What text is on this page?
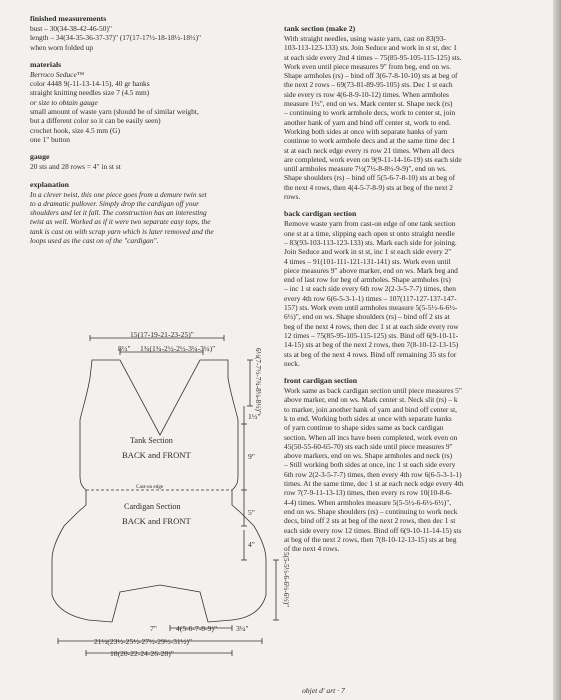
finished measurements

bust – 30(34-38-42-46-50)"

length – 34(34-35-36-37-37)" (17(17-17½-18-18½-18½)"

when worn folded up

materials

Berroco Seduce™

color 4448 9(-11-13-14-15), 40 gr hanks

straight knitting needles size 7 (4.5 mm)

or size to obtain gauge

small amount of waste yarn (should be of similar weight,

but a different color so it can be easily seen)

crochet hook, size 4.5 mm (G)

one 1" button

gauge

20 sts and 28 rows = 4" in st st

explanation

In a clever twist, this one piece goes from a demure twin set

to a dramatic pullover. Simply drop the cardigan off your

shoulders and let it fall. The construction has an interesting

twist as well. Worked as if it were two separate easy tops, the

tank is cast on with scrap yarn which is later removed and the

loops used as the cast on of the "cardigan".

15(17-19-21-23-25)"
8½" 1¾(1¾-2½-2½-3¼-3¼)"	6½(7-7½-7¾-8¼-8½)"
1½"
9"
Tank Section
BACK and FRONT
Cast-on edge
Cardigan Section
BACK and FRONT
5"
4"
5(5-5½-6-6½-6½)"
7"	4(5-6-7-8-9)" 3¼"
21½(23½-25½-27½-29½-31½)"
18(20-22-24-26-28)"
tank section (make 2)

With straight needles, using waste yarn, cast on 83(93-

103-113-123-133) sts. Join Seduce and work in st st, dec 1

st each side every 2nd 4 times – 75(85-95-105-115-125) sts.

Work even until piece measures 9" from beg, end on ws.

Shape armholes (rs) – bind off 3(6-7-8-10-10) sts at beg of

the next 2 rows – 69(73-81-89-95-105) sts. Dec 1 st each

side every rs row 4(6-8-9-10-12) times. When armholes

measure 1½", end on ws. Mark center st. Shape neck (rs)

– continuing to work armhole decs, work to center st, join

another hank of yarn and bind off center st, work to end.

Working both sides at once with separate hanks of yarn

continue to work armhole decs and at the same time dec 1

st at each neck edge every rs row 21 times. When all decs

are completed, work even on 9(9-11-14-16-19) sts each side

until armholes measure 7½(7½-8-8½-9-9)", end on ws.

Shape shoulders (rs) – bind off 5(5-6-7-8-10) sts at beg of

the next 4 rows, then 4(4-5-7-8-9) sts at beg of the next 2

rows.

back cardigan section

Remove waste yarn from cast-on edge of one tank section

one st at a time, slipping each open st onto straight needle

– 83(93-103-113-123-133) sts. Mark each side for joining.

Join Seduce and work in st st, inc 1 st each side every 2"

4 times – 91(101-111-121-131-141) sts. Work even until

piece measures 9" above marker, end on ws. Mark beg and

end of last row for beg of armholes. Shape armholes (rs)

– inc 1 st each side every 6th row 2(2-3-5-7-7) times, then

every 4th row 6(6-5-3-1-1) times – 107(117-127-137-147-

157) sts. Work even until armholes measure 5(5-5½-6-6½-

6½)", end on ws. Shape shoulders (rs) – bind off 2 sts at

beg of the next 4 rows, then dec 1 st at each side every row

12 times – 75(85-95-105-115-125) sts. Bind off 6(9-10-11-

14-15) sts at beg of the next 2 rows, then 7(8-10-12-13-15)

sts at beg of the next 4 rows. Bind off remaining 35 sts for

neck.

front cardigan section

Work same as back cardigan section until piece measures 5"

above marker, end on ws. Mark center st. Neck slit (rs) – k

to marker, join another hank of yarn and bind off center st,

k to end. Working both sides at once with separate hanks

of yarn continue to shape sides same as back cardigan

section. When all incs have been completed, work even on

45(50-55-60-65-70) sts each side until piece measures 9"

above markers, end on ws. Shape armholes and neck (rs)

– Still working both sides at once, inc 1 st each side every

6th row 2(2-3-5-7-7) times, then every 4th row 6(6-5-3-1-1)

times. At the same time, dec 1 st at each neck edge every 4th

row 7(7-9-11-13-13) times, then every rs row 10(10-8-6-

4-4) times. When armholes measure 5(5-5½-6-6½-6½)",

end on ws. Shape shoulders (rs) – continuing to work neck

decs, bind off 2 sts at beg of the next 2 rows, then dec 1 st

each side every row 12 times. Bind off 6(9-10-11-14-15) sts

at beg of the next 2 rows, then 7(8-10-12-13-15) sts at beg

of the next 4 rows.

objet d' art · 7
